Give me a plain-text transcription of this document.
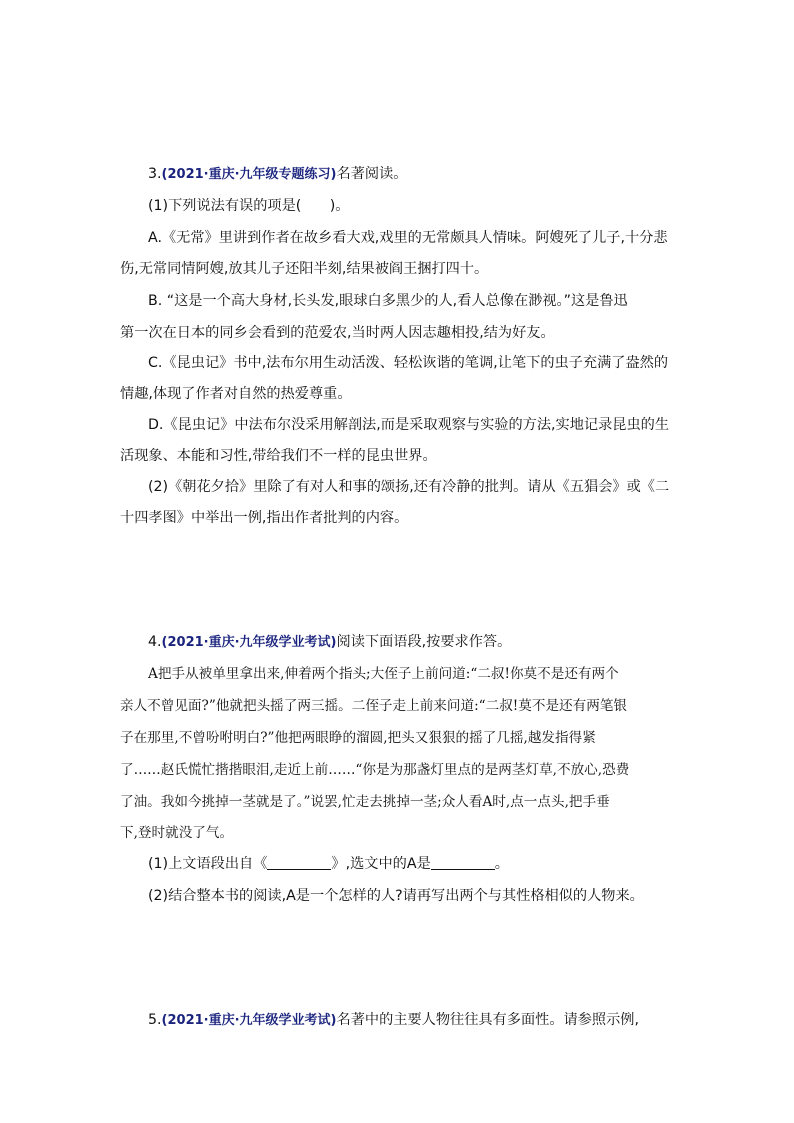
3.(2021·重庆·九年级专题练习)名著阅读。
(1)下列说法有误的项是(　　)。
A.《无常》里讲到作者在故乡看大戏,戏里的无常颇具人情味。阿嫂死了儿子,十分悲
伤,无常同情阿嫂,放其儿子还阳半刻,结果被阎王捆打四十。
B. “这是一个高大身材,长头发,眼球白多黑少的人,看人总像在渺视。”这是鲁迅
第一次在日本的同乡会看到的范爱农,当时两人因志趣相投,结为好友。
C.《昆虫记》书中,法布尔用生动活泼、轻松诙谐的笔调,让笔下的虫子充满了盎然的
情趣,体现了作者对自然的热爱尊重。
D.《昆虫记》中法布尔没采用解剖法,而是采取观察与实验的方法,实地记录昆虫的生
活现象、本能和习性,带给我们不一样的昆虫世界。
(2)《朝花夕拾》里除了有对人和事的颂扬,还有冷静的批判。请从《五猖会》或《二
十四孝图》中举出一例,指出作者批判的内容。
4.(2021·重庆·九年级学业考试)阅读下面语段,按要求作答。
A把手从被单里拿出来,伸着两个指头;大侄子上前问道:“二叔!你莫不是还有两个
亲人不曾见面?”他就把头摇了两三摇。二侄子走上前来问道:“二叔!莫不是还有两笔银
子在那里,不曾吩咐明白?”他把两眼睁的溜圆,把头又狠狠的摇了几摇,越发指得紧
了……赵氏慌忙揩揩眼泪,走近上前……“你是为那盏灯里点的是两茎灯草,不放心,恐费
了油。我如今挑掉一茎就是了。”说罢,忙走去挑掉一茎;众人看A时,点一点头,把手垂
下,登时就没了气。
(1)上文语段出自《	》,选文中的A是	。
(2)结合整本书的阅读,A是一个怎样的人?请再写出两个与其性格相似的人物来。
5.(2021·重庆·九年级学业考试)名著中的主要人物往往具有多面性。请参照示例,
